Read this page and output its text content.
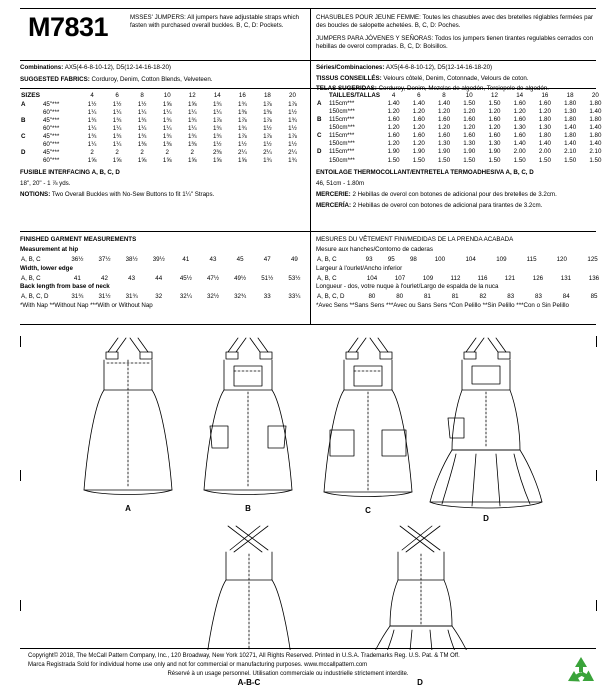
M7831	MSSES' JUMPERS: All jumpers have adjustable straps which fasten with purchased overall buckles. B, C, D: Pockets.

CHASUBLES POUR JEUNE FEMME: Toutes les chasubles avec des bretelles réglables fermées par des boucles de salopette achetées. B, C, D: Poches.

JUMPERS PARA JÓVENES Y SEÑORAS: Todos los jumpers tienen tirantes regulables cerrados con hebillas de overol compradas. B, C, D: Bolsillos.

Combinations: AX5(4-6-8-10-12), D5(12-14-16-18-20)

SUGGESTED FABRICS: Corduroy, Denim, Cotton Blends, Velveteen.

Séries/Combinaciones: AX5(4-6-8-10-12), D5(12-14-16-18-20)

TISSUS CONSEILLÉS: Velours côtelé, Denim, Cotonnade, Velours de coton.

SIZES		4	6	8	10	12	14	16	18	20
A	45"***	1½	1½	1½	1⅝	1⅝	1¾	1¾	1⅞	1⅞
	60"***	1¼	1¼	1¼	1¼	1¼	1¼	1⅜	1⅜	1½
B	45"***	1¾	1¾	1¾	1¾	1¾	1⅞	1⅞	1⅞	1¾
	60"***	1¼	1¼	1¼	1¼	1¼	1¾	1¾	1½	1½
C	45"***	1¾	1¾	1¾	1¾	1¾	1¾	1⅞	1⅞	1⅞
	60"***	1¼	1¼	1⅜	1⅜	1⅜	1½	1½	1½	1½
D	45"***	2	2	2	2	2	2⅜	2¼	2¼	2¼
	60"***	1⅝	1⅝	1⅝	1⅝	1⅝	1⅝	1⅝	1¾	1¾

FUSIBLE INTERFACING A, B, C, D

18", 20" - 1 ⅞ yds.

NOTIONS: Two Overall Buckles with No-Sew Buttons to fit 1¼" Straps.

	TAILLES/TALLAS	4	6	8	10	12	14	16	18	20
A	115cm***	1.40	1.40	1.40	1.50	1.50	1.60	1.60	1.80	1.80
	150cm***	1.20	1.20	1.20	1.20	1.20	1.20	1.20	1.30	1.40
B	115cm***	1.60	1.60	1.60	1.60	1.60	1.60	1.80	1.80	1.80
	150cm***	1.20	1.20	1.20	1.20	1.20	1.30	1.30	1.40	1.40
C	115cm***	1.60	1.60	1.60	1.60	1.60	1.60	1.80	1.80	1.80
	150cm***	1.20	1.20	1.30	1.30	1.30	1.40	1.40	1.40	1.40
D	115cm***	1.90	1.90	1.90	1.90	1.90	2.00	2.00	2.10	2.10
	150cm***	1.50	1.50	1.50	1.50	1.50	1.50	1.50	1.50	1.50

ENTOILAGE THERMOCOLLANT/ENTRETELA TERMOADHESIVA A, B, C, D

46, 51cm - 1.80m

MERCERIE: 2 Hebillas de overol con botones de adicional pour des bretelles de 3.2cm.

MERCERÍA: 2 Hebillas de overol con botones de adicional para tirantes de 3.2cm.

FINISHED GARMENT MEASUREMENTS

Measurement at hip

A, B, C	36½	37½	38½	39½	41	43	45	47	49

Width, lower edge

A, B, C	41	42	43	44	45½	47½	49½	51½	53½

Back length from base of neck

A, B, C, D	31¾	31½	31¾	32	32¼	32½	32¾	33	33¼

*With Nap **Without Nap ***With or Without Nap

MESURES DU VÊTEMENT FINI/MEDIDAS DE LA PRENDA ACABADA

Mesure aux hanches/Contorno de caderas

A, B, C	93	95	98	100	104	109	115	120	125

Largeur à l'ourlet/Ancho inferior

A, B, C	104	107	109	112	116	121	126	131	136

Longueur - dos, votre nuque à l'ourlet/Largo de espalda de la nuca

A, B, C, D	80	80	81	81	82	83	83	84	85

*Avec Sens **Sans Sens ***Avec ou Sans Sens *Con Pelillo **Sin Pelillo ***Con o Sin Pelillo

A	B	C
D
A-B-C	D

Copyright© 2018, The McCall Pattern Company, Inc., 120 Broadway, New York 10271, All Rights Reserved. Printed in U.S.A. Trademarks Reg. U.S. Pat. & TM Off.

Marca Registrada Sold for individual home use only and not for commercial or manufacturing purposes. www.mccallpattern.com

Réservé à un usage personnel. Utilisation commerciale ou industrielle strictement interdite.
